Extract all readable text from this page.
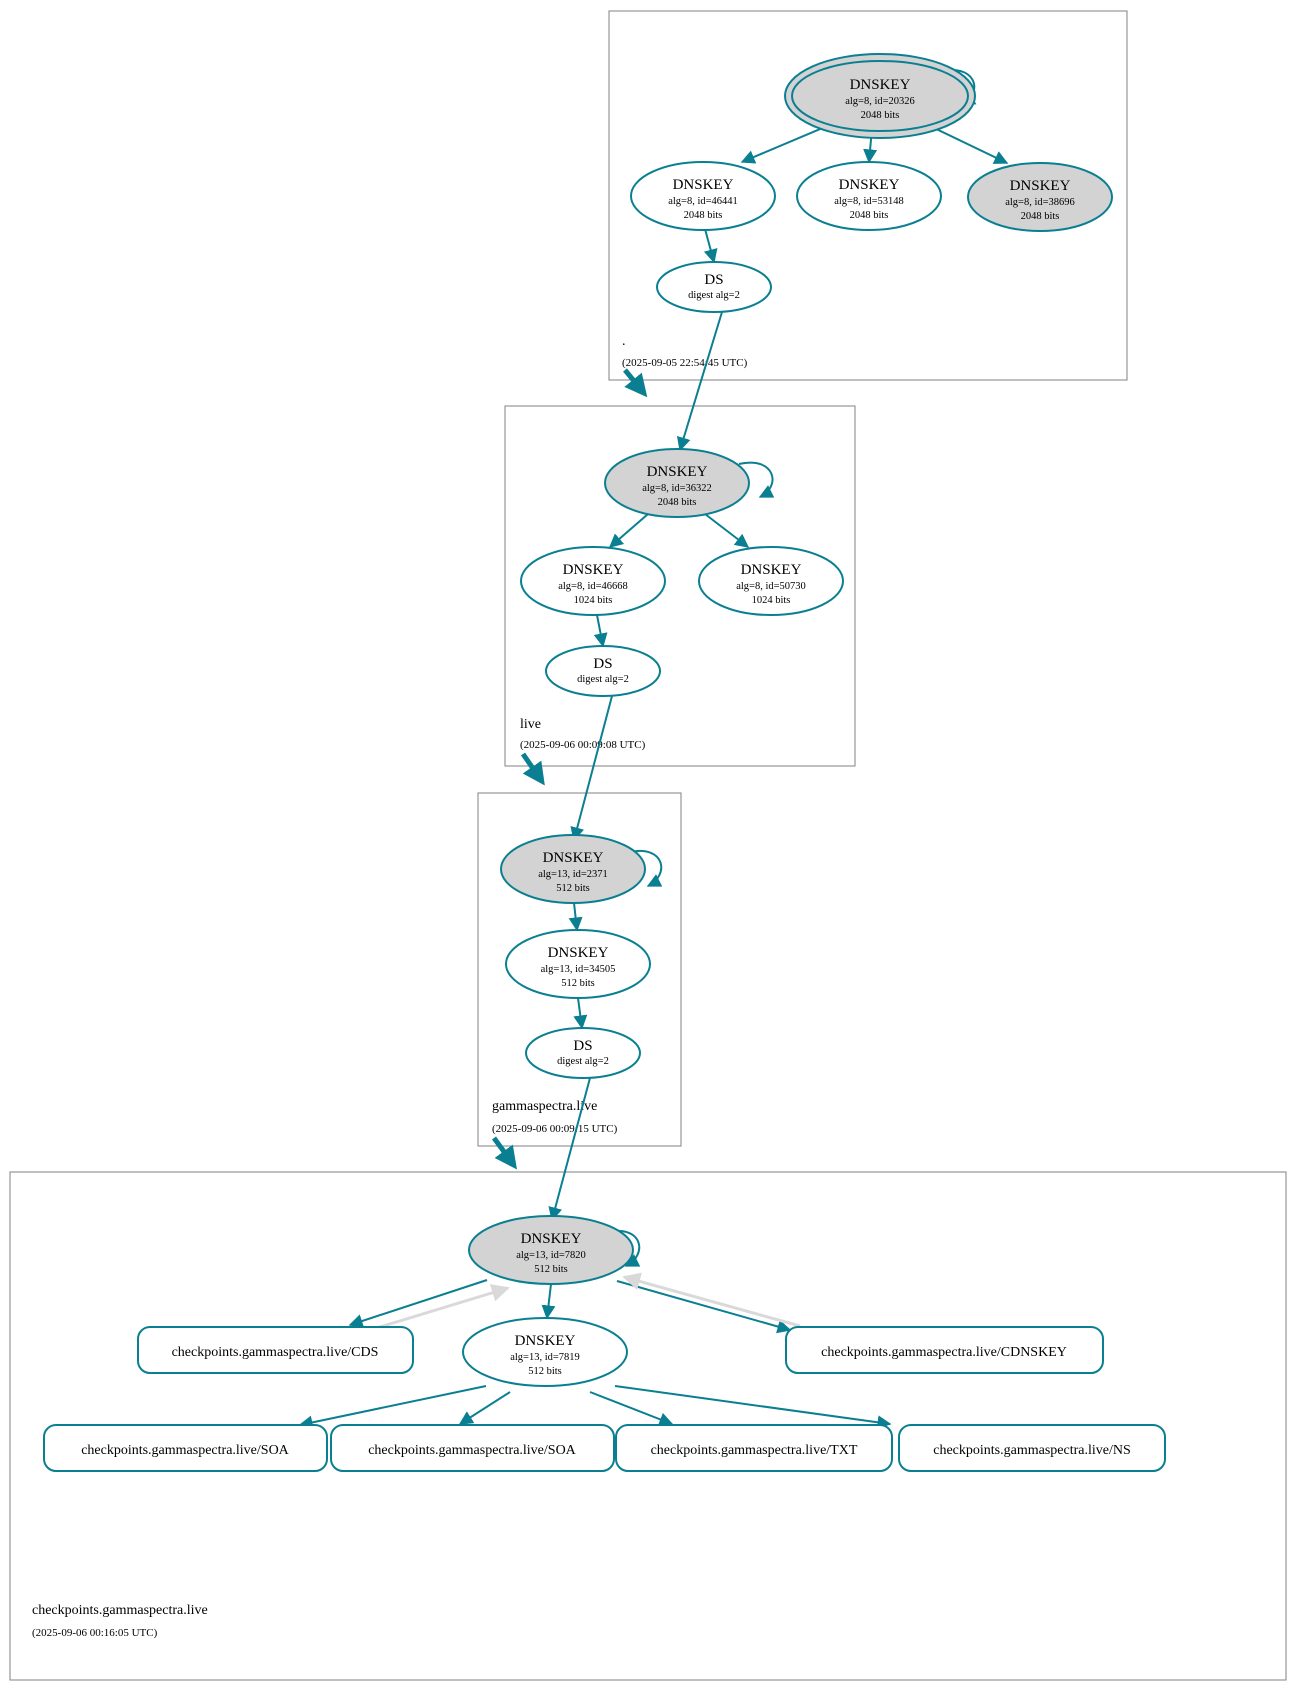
DNSKEY
alg=8, id=20326
2048 bits
DNSKEY
alg=8, id=46441
2048 bits
DNSKEY
alg=8, id=53148
2048 bits
DNSKEY
alg=8, id=38696
2048 bits
DS
digest alg=2
.
(2025-09-05 22:54:45 UTC)
DNSKEY
alg=8, id=36322
2048 bits
DNSKEY
alg=8, id=46668
1024 bits
DNSKEY
alg=8, id=50730
1024 bits
DS
digest alg=2
live
(2025-09-06 00:09:08 UTC)
DNSKEY
alg=13, id=2371
512 bits
DNSKEY
alg=13, id=34505
512 bits
DS
digest alg=2
gammaspectra.live
(2025-09-06 00:09:15 UTC)
DNSKEY
alg=13, id=7820
512 bits
DNSKEY
alg=13, id=7819
512 bits
checkpoints.gammaspectra.live/CDS	checkpoints.gammaspectra.live/CDNSKEY
checkpoints.gammaspectra.live/SOA	checkpoints.gammaspectra.live/SOA	checkpoints.gammaspectra.live/TXT	checkpoints.gammaspectra.live/NS
checkpoints.gammaspectra.live
(2025-09-06 00:16:05 UTC)
